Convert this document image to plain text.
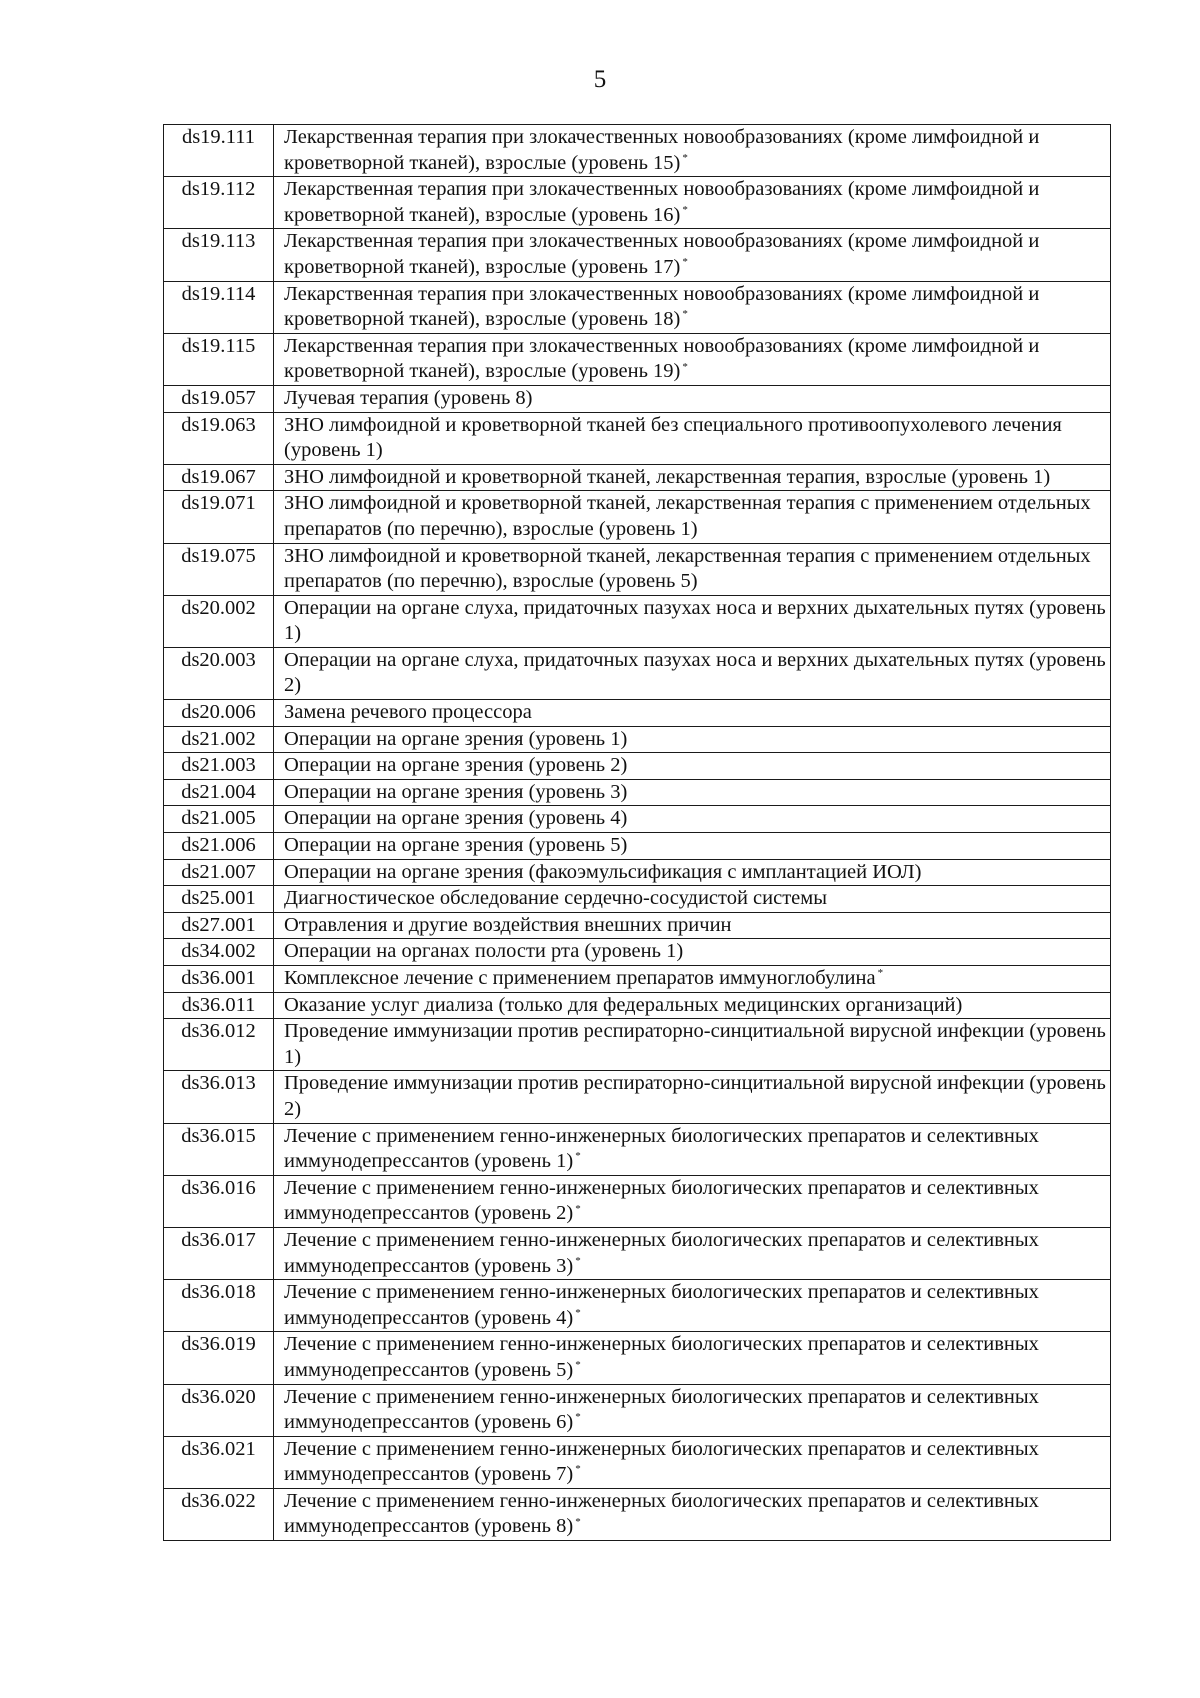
5
ds19.111	Лекарственная терапия при злокачественных новообразованиях (кроме лимфоидной и кроветворной тканей), взрослые (уровень 15) *
ds19.112	Лекарственная терапия при злокачественных новообразованиях (кроме лимфоидной и кроветворной тканей), взрослые (уровень 16) *
ds19.113	Лекарственная терапия при злокачественных новообразованиях (кроме лимфоидной и кроветворной тканей), взрослые (уровень 17) *
ds19.114	Лекарственная терапия при злокачественных новообразованиях (кроме лимфоидной и кроветворной тканей), взрослые (уровень 18) *
ds19.115	Лекарственная терапия при злокачественных новообразованиях (кроме лимфоидной и кроветворной тканей), взрослые (уровень 19) *
ds19.057	Лучевая терапия (уровень 8)
ds19.063	ЗНО лимфоидной и кроветворной тканей без специального противоопухолевого лечения (уровень 1)
ds19.067	ЗНО лимфоидной и кроветворной тканей, лекарственная терапия, взрослые (уровень 1)
ds19.071	ЗНО лимфоидной и кроветворной тканей, лекарственная терапия с применением отдельных препаратов (по перечню), взрослые (уровень 1)
ds19.075	ЗНО лимфоидной и кроветворной тканей, лекарственная терапия с применением отдельных препаратов (по перечню), взрослые (уровень 5)
ds20.002	Операции на органе слуха, придаточных пазухах носа и верхних дыхательных путях (уровень 1)
ds20.003	Операции на органе слуха, придаточных пазухах носа и верхних дыхательных путях (уровень 2)
ds20.006	Замена речевого процессора
ds21.002	Операции на органе зрения (уровень 1)
ds21.003	Операции на органе зрения (уровень 2)
ds21.004	Операции на органе зрения (уровень 3)
ds21.005	Операции на органе зрения (уровень 4)
ds21.006	Операции на органе зрения (уровень 5)
ds21.007	Операции на органе зрения (факоэмульсификация с имплантацией ИОЛ)
ds25.001	Диагностическое обследование сердечно-сосудистой системы
ds27.001	Отравления и другие воздействия внешних причин
ds34.002	Операции на органах полости рта (уровень 1)
ds36.001	Комплексное лечение с применением препаратов иммуноглобулина *
ds36.011	Оказание услуг диализа (только для федеральных медицинских организаций)
ds36.012	Проведение иммунизации против респираторно-синцитиальной вирусной инфекции (уровень 1)
ds36.013	Проведение иммунизации против респираторно-синцитиальной вирусной инфекции (уровень 2)
ds36.015	Лечение с применением генно-инженерных биологических препаратов и селективных иммунодепрессантов (уровень 1) *
ds36.016	Лечение с применением генно-инженерных биологических препаратов и селективных иммунодепрессантов (уровень 2) *
ds36.017	Лечение с применением генно-инженерных биологических препаратов и селективных иммунодепрессантов (уровень 3) *
ds36.018	Лечение с применением генно-инженерных биологических препаратов и селективных иммунодепрессантов (уровень 4) *
ds36.019	Лечение с применением генно-инженерных биологических препаратов и селективных иммунодепрессантов (уровень 5) *
ds36.020	Лечение с применением генно-инженерных биологических препаратов и селективных иммунодепрессантов (уровень 6) *
ds36.021	Лечение с применением генно-инженерных биологических препаратов и селективных иммунодепрессантов (уровень 7) *
ds36.022	Лечение с применением генно-инженерных биологических препаратов и селективных иммунодепрессантов (уровень 8) *
